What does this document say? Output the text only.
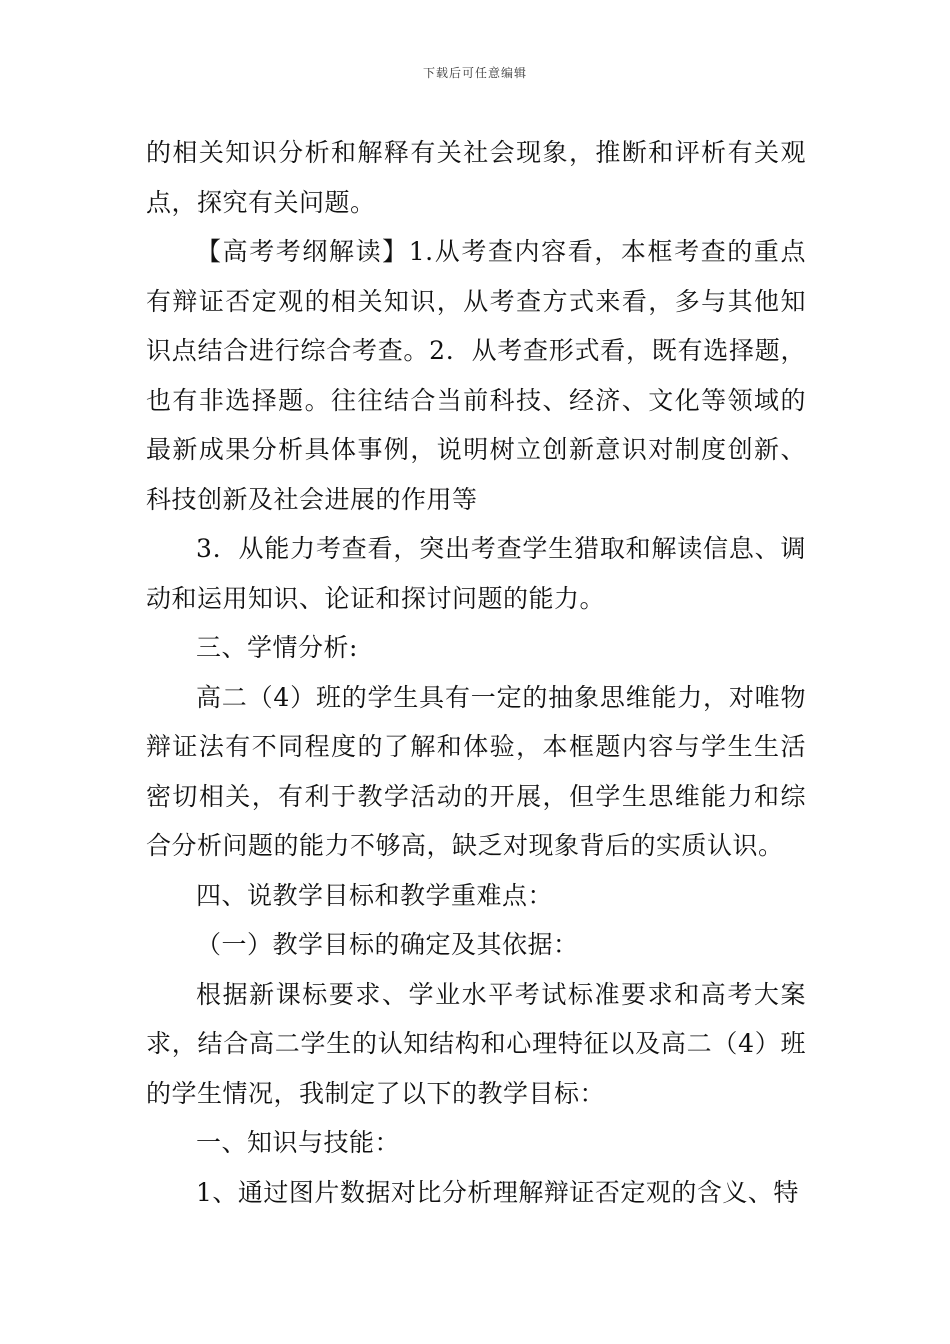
下载后可任意编辑

的相关知识分析和解释有关社会现象，推断和评析有关观点，探究有关问题。

【高考考纲解读】1.从考查内容看，本框考查的重点有辩证否定观的相关知识，从考查方式来看，多与其他知识点结合进行综合考查。2．从考查形式看，既有选择题，也有非选择题。往往结合当前科技、经济、文化等领域的最新成果分析具体事例，说明树立创新意识对制度创新、科技创新及社会进展的作用等

3．从能力考查看，突出考查学生猎取和解读信息、调动和运用知识、论证和探讨问题的能力。

三、学情分析:

高二（4）班的学生具有一定的抽象思维能力，对唯物辩证法有不同程度的了解和体验，本框题内容与学生生活密切相关，有利于教学活动的开展，但学生思维能力和综合分析问题的能力不够高，缺乏对现象背后的实质认识。

四、说教学目标和教学重难点：

（一）教学目标的确定及其依据：

根据新课标要求、学业水平考试标准要求和高考大案求，结合高二学生的认知结构和心理特征以及高二（4）班的学生情况，我制定了以下的教学目标：

一、知识与技能：

1、通过图片数据对比分析理解辩证否定观的含义、特
